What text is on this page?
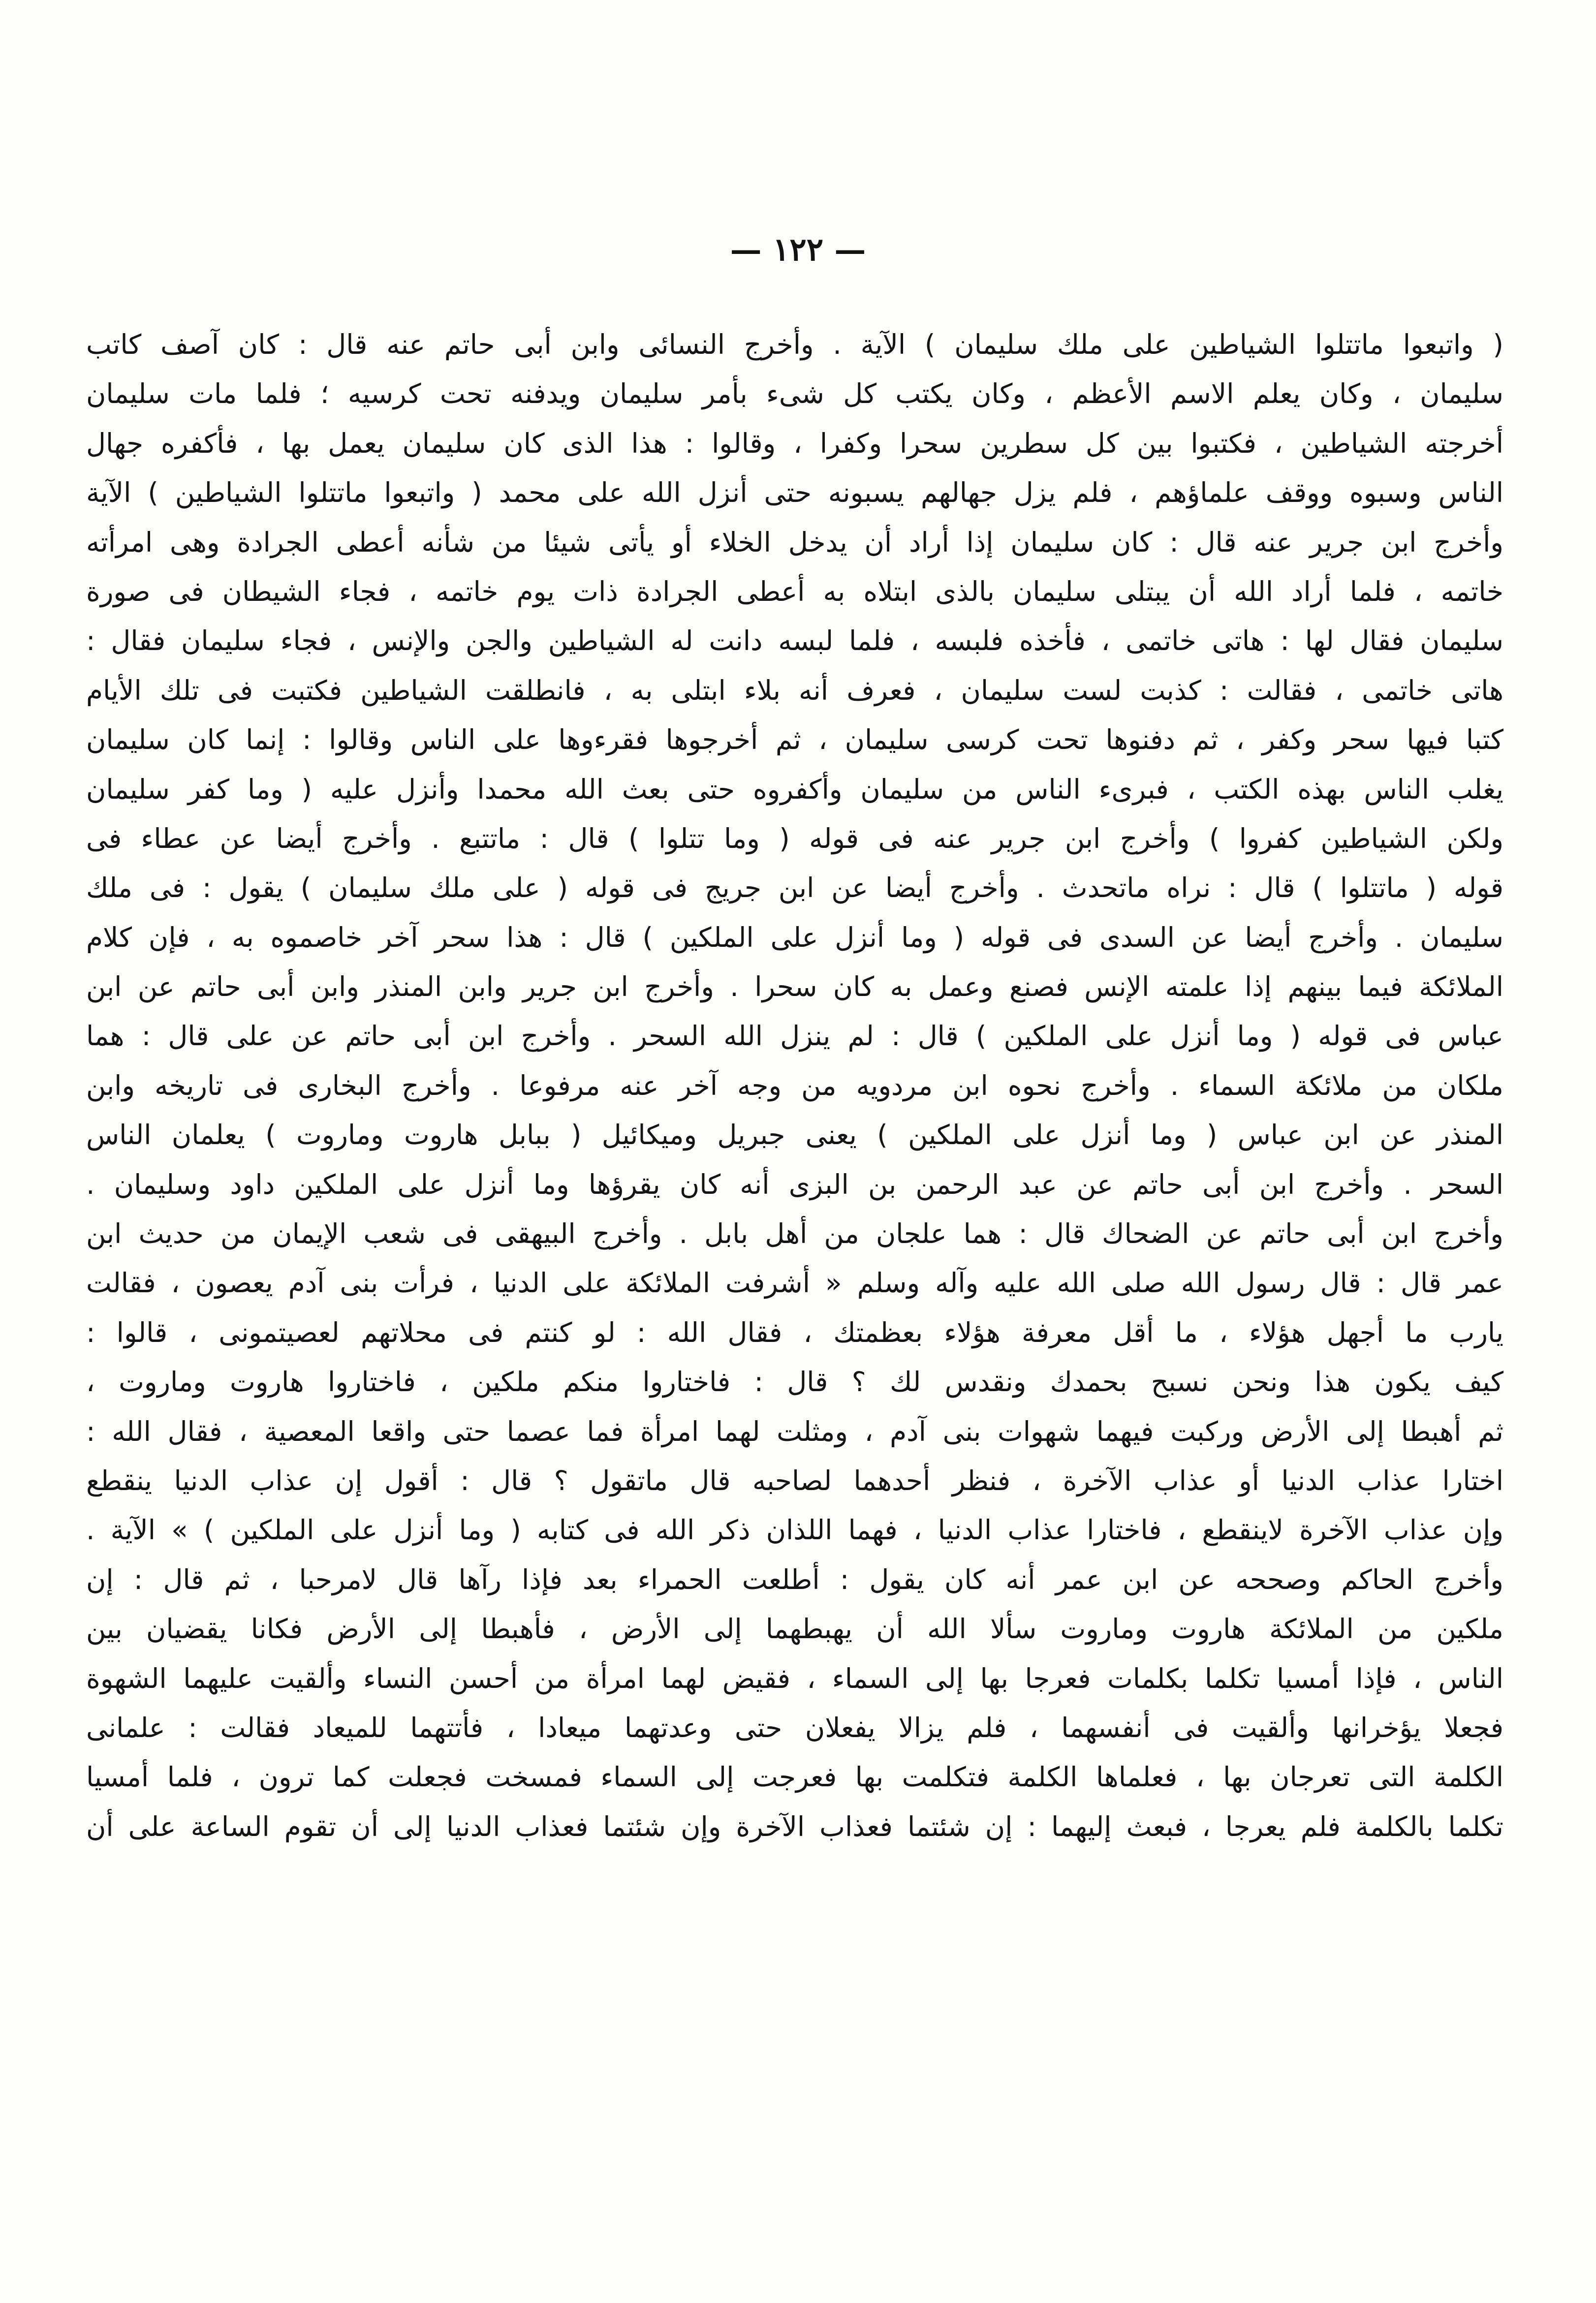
— ١٢٢ —
( واتبعوا ماتتلوا الشياطين على ملك سليمان ) الآية . وأخرج النسائى وابن أبى حاتم عنه قال : كان آصف كاتب
سليمان ، وكان يعلم الاسم الأعظم ، وكان يكتب كل شىء بأمر سليمان ويدفنه تحت كرسيه ؛ فلما مات سليمان
أخرجته الشياطين ، فكتبوا بين كل سطرين سحرا وكفرا ، وقالوا : هذا الذى كان سليمان يعمل بها ، فأكفره جهال
الناس وسبوه ووقف علماؤهم ، فلم يزل جهالهم يسبونه حتى أنزل الله على محمد ( واتبعوا ماتتلوا الشياطين ) الآية
وأخرج ابن جرير عنه قال : كان سليمان إذا أراد أن يدخل الخلاء أو يأتى شيئا من شأنه أعطى الجرادة وهى امرأته
خاتمه ، فلما أراد الله أن يبتلى سليمان بالذى ابتلاه به أعطى الجرادة ذات يوم خاتمه ، فجاء الشيطان فى صورة
سليمان فقال لها : هاتى خاتمى ، فأخذه فلبسه ، فلما لبسه دانت له الشياطين والجن والإنس ، فجاء سليمان فقال :
هاتى خاتمى ، فقالت : كذبت لست سليمان ، فعرف أنه بلاء ابتلى به ، فانطلقت الشياطين فكتبت فى تلك الأيام
كتبا فيها سحر وكفر ، ثم دفنوها تحت كرسى سليمان ، ثم أخرجوها فقرءوها على الناس وقالوا : إنما كان سليمان
يغلب الناس بهذه الكتب ، فبرىء الناس من سليمان وأكفروه حتى بعث الله محمدا وأنزل عليه ( وما كفر سليمان
ولكن الشياطين كفروا ) وأخرج ابن جرير عنه فى قوله ( وما تتلوا ) قال : ماتتبع . وأخرج أيضا عن عطاء فى
قوله ( ماتتلوا ) قال : نراه ماتحدث . وأخرج أيضا عن ابن جريج فى قوله ( على ملك سليمان ) يقول : فى ملك
سليمان . وأخرج أيضا عن السدى فى قوله ( وما أنزل على الملكين ) قال : هذا سحر آخر خاصموه به ، فإن كلام
الملائكة فيما بينهم إذا علمته الإنس فصنع وعمل به كان سحرا . وأخرج ابن جرير وابن المنذر وابن أبى حاتم عن ابن
عباس فى قوله ( وما أنزل على الملكين ) قال : لم ينزل الله السحر . وأخرج ابن أبى حاتم عن على قال : هما
ملكان من ملائكة السماء . وأخرج نحوه ابن مردويه من وجه آخر عنه مرفوعا . وأخرج البخارى فى تاريخه وابن
المنذر عن ابن عباس ( وما أنزل على الملكين ) يعنى جبريل وميكائيل ( ببابل هاروت وماروت ) يعلمان الناس
السحر . وأخرج ابن أبى حاتم عن عبد الرحمن بن البزى أنه كان يقرؤها وما أنزل على الملكين داود وسليمان .
وأخرج ابن أبى حاتم عن الضحاك قال : هما علجان من أهل بابل . وأخرج البيهقى فى شعب الإيمان من حديث ابن
عمر قال : قال رسول الله صلى الله عليه وآله وسلم « أشرفت الملائكة على الدنيا ، فرأت بنى آدم يعصون ، فقالت
يارب ما أجهل هؤلاء ، ما أقل معرفة هؤلاء بعظمتك ، فقال الله : لو كنتم فى محلاتهم لعصيتمونى ، قالوا :
كيف يكون هذا ونحن نسبح بحمدك ونقدس لك ؟ قال : فاختاروا منكم ملكين ، فاختاروا هاروت وماروت ،
ثم أهبطا إلى الأرض وركبت فيهما شهوات بنى آدم ، ومثلت لهما امرأة فما عصما حتى واقعا المعصية ، فقال الله :
اختارا عذاب الدنيا أو عذاب الآخرة ، فنظر أحدهما لصاحبه قال ماتقول ؟ قال : أقول إن عذاب الدنيا ينقطع
وإن عذاب الآخرة لاينقطع ، فاختارا عذاب الدنيا ، فهما اللذان ذكر الله فى كتابه ( وما أنزل على الملكين ) » الآية .
وأخرج الحاكم وصححه عن ابن عمر أنه كان يقول : أطلعت الحمراء بعد فإذا رآها قال لامرحبا ، ثم قال : إن
ملكين من الملائكة هاروت وماروت سألا الله أن يهبطهما إلى الأرض ، فأهبطا إلى الأرض فكانا يقضيان بين
الناس ، فإذا أمسيا تكلما بكلمات فعرجا بها إلى السماء ، فقيض لهما امرأة من أحسن النساء وألقيت عليهما الشهوة
فجعلا يؤخرانها وألقيت فى أنفسهما ، فلم يزالا يفعلان حتى وعدتهما ميعادا ، فأتتهما للميعاد فقالت : علمانى
الكلمة التى تعرجان بها ، فعلماها الكلمة فتكلمت بها فعرجت إلى السماء فمسخت فجعلت كما ترون ، فلما أمسيا
تكلما بالكلمة فلم يعرجا ، فبعث إليهما : إن شئتما فعذاب الآخرة وإن شئتما فعذاب الدنيا إلى أن تقوم الساعة على أن
